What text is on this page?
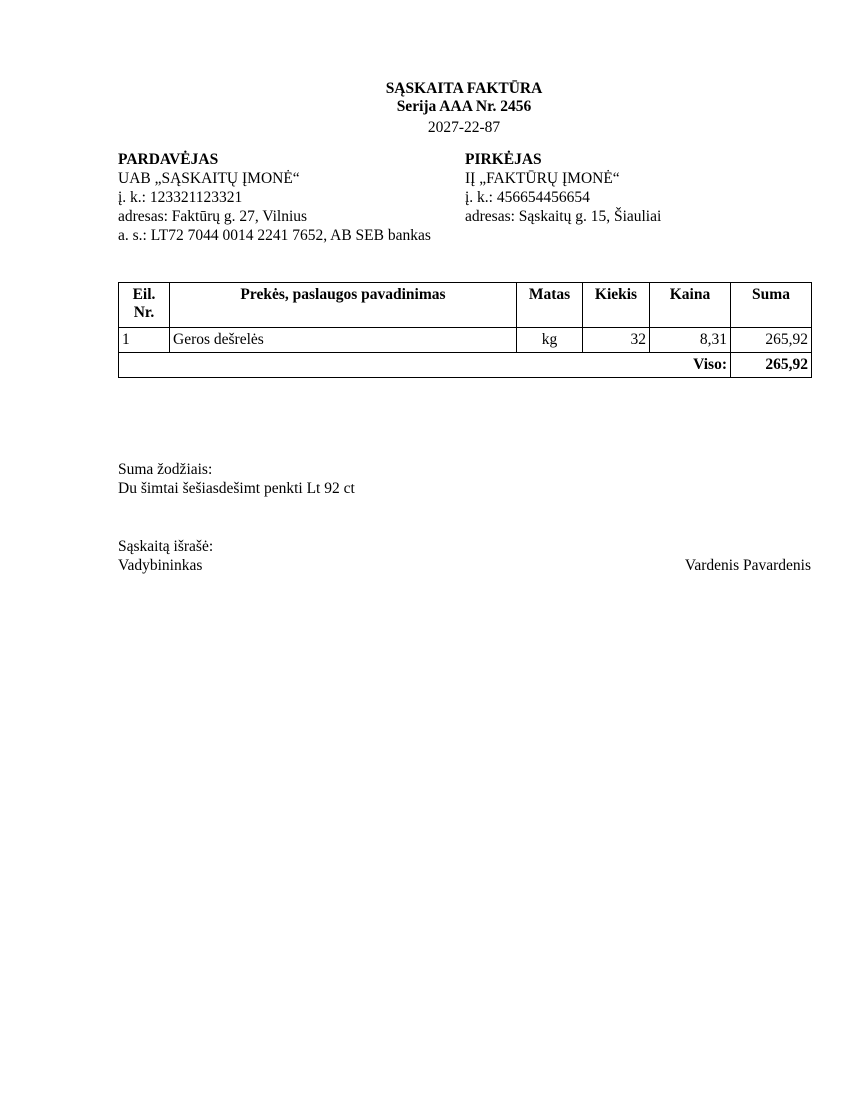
SĄSKAITA FAKTŪRA
Serija AAA Nr. 2456
2027-22-87
PARDAVĖJAS
UAB „SĄSKAITŲ ĮMONĖ“
į. k.: 123321123321
adresas: Faktūrų g. 27, Vilnius
a. s.: LT72 7044 0014 2241 7652, AB SEB bankas
PIRKĖJAS
IĮ „FAKTŪRŲ ĮMONĖ“
į. k.: 456654456654
adresas: Sąskaitų g. 15, Šiauliai
Eil.
Nr.	Prekės, paslaugos pavadinimas	Matas	Kiekis	Kaina	Suma
1	Geros dešrelės	kg	32	8,31	265,92
Viso:					265,92
Suma žodžiais:
Du šimtai šešiasdešimt penkti Lt 92 ct
Sąskaitą išrašė:
Vadybininkas	Vardenis Pavardenis
